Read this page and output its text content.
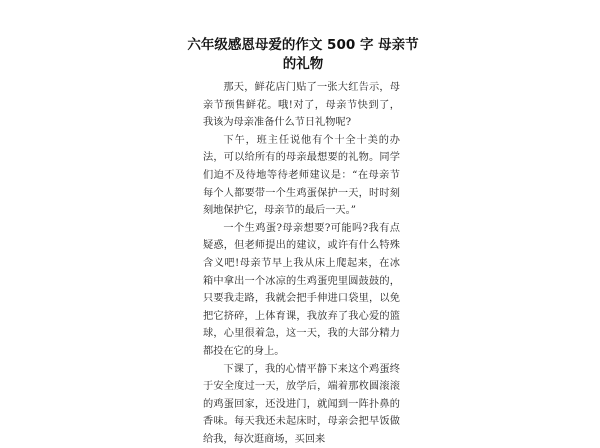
六年级感恩母爱的作文 500 字 母亲节的礼物

那天，鲜花店门贴了一张大红告示，母亲节预售鲜花。哦!对了，母亲节快到了，我该为母亲准备什么节日礼物呢?

下午，班主任说他有个十全十美的办法，可以给所有的母亲最想要的礼物。同学们迫不及待地等待老师建议是：“在母亲节每个人都要带一个生鸡蛋保护一天，时时刻刻地保护它，母亲节的最后一天。”

一个生鸡蛋?母亲想要?可能吗?我有点疑惑，但老师提出的建议，或许有什么特殊含义吧!母亲节早上我从床上爬起来，在冰箱中拿出一个冰凉的生鸡蛋兜里圆鼓鼓的，只要我走路，我就会把手伸进口袋里，以免把它挤碎，上体育课，我放弃了我心爱的篮球，心里很着急，这一天，我的大部分精力都投在它的身上。

下课了，我的心情平静下来这个鸡蛋终于安全度过一天，放学后，端着那枚圆滚滚的鸡蛋回家，还没进门，就闻到一阵扑鼻的香味。每天我还未起床时，母亲会把早饭做给我，每次逛商场，买回来
